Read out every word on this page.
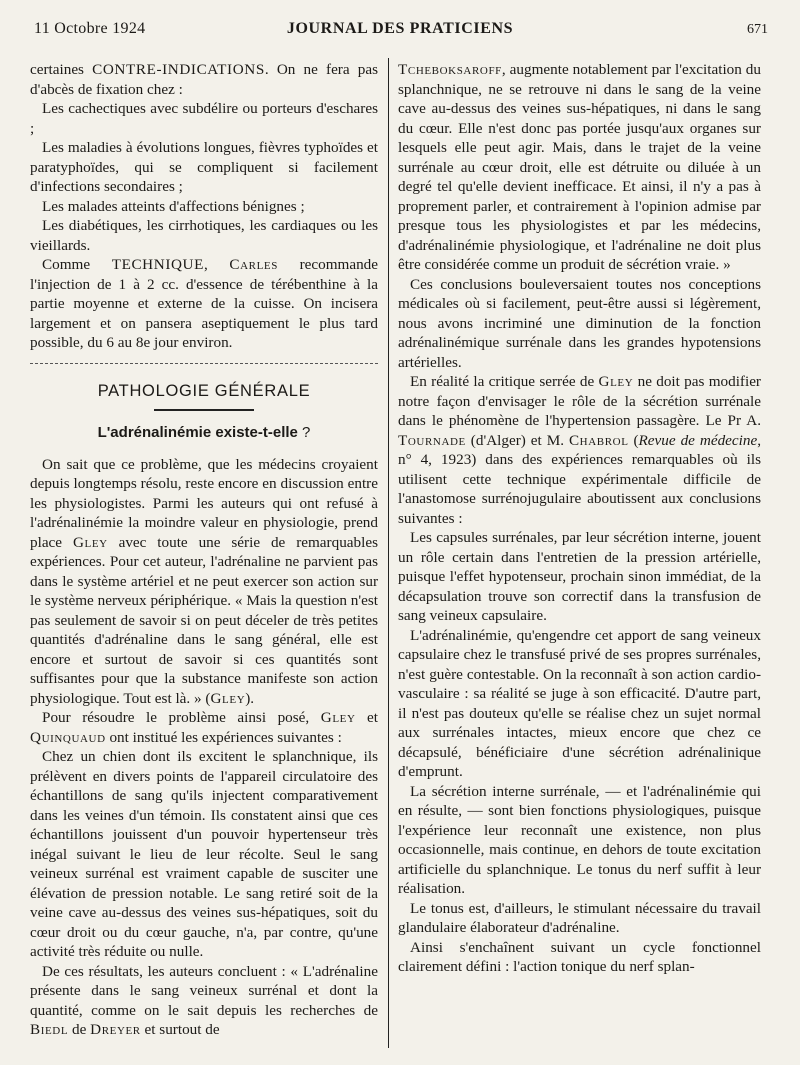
11 Octobre 1924	JOURNAL DES PRATICIENS	671

certaines CONTRE-INDICATIONS. On ne fera pas d'abcès de fixation chez :

Les cachectiques avec subdélire ou porteurs d'eschares ;

Les maladies à évolutions longues, fièvres typhoïdes et paratyphoïdes, qui se compliquent si facilement d'infections secondaires ;

Les malades atteints d'affections bénignes ;

Les diabétiques, les cirrhotiques, les cardiaques ou les vieillards.

Comme TECHNIQUE, Carles recommande l'injection de 1 à 2 cc. d'essence de térébenthine à la partie moyenne et externe de la cuisse. On incisera largement et on pansera aseptiquement le plus tard possible, du 6 au 8e jour environ.

PATHOLOGIE GÉNÉRALE
L'adrénalinémie existe-t-elle ?

On sait que ce problème, que les médecins croyaient depuis longtemps résolu, reste encore en discussion entre les physiologistes. Parmi les auteurs qui ont refusé à l'adrénalinémie la moindre valeur en physiologie, prend place Gley avec toute une série de remarquables expériences. Pour cet auteur, l'adrénaline ne parvient pas dans le système artériel et ne peut exercer son action sur le système nerveux périphérique. « Mais la question n'est pas seulement de savoir si on peut déceler de très petites quantités d'adrénaline dans le sang général, elle est encore et surtout de savoir si ces quantités sont suffisantes pour que la substance manifeste son action physiologique. Tout est là. » (Gley).

Pour résoudre le problème ainsi posé, Gley et Quinquaud ont institué les expériences suivantes :

Chez un chien dont ils excitent le splanchnique, ils prélèvent en divers points de l'appareil circulatoire des échantillons de sang qu'ils injectent comparativement dans les veines d'un témoin. Ils constatent ainsi que ces échantillons jouissent d'un pouvoir hypertenseur très inégal suivant le lieu de leur récolte. Seul le sang veineux surrénal est vraiment capable de susciter une élévation de pression notable. Le sang retiré soit de la veine cave au-dessus des veines sus-hépatiques, soit du cœur droit ou du cœur gauche, n'a, par contre, qu'une activité très réduite ou nulle.

De ces résultats, les auteurs concluent : « L'adrénaline présente dans le sang veineux surrénal et dont la quantité, comme on le sait depuis les recherches de Biedl de Dreyer et surtout de

Tcheboksaroff, augmente notablement par l'excitation du splanchnique, ne se retrouve ni dans le sang de la veine cave au-dessus des veines sus-hépatiques, ni dans le sang du cœur. Elle n'est donc pas portée jusqu'aux organes sur lesquels elle peut agir. Mais, dans le trajet de la veine surrénale au cœur droit, elle est détruite ou diluée à un degré tel qu'elle devient inefficace. Et ainsi, il n'y a pas à proprement parler, et contrairement à l'opinion admise par presque tous les physiologistes et par les médecins, d'adrénalinémie physiologique, et l'adrénaline ne doit plus être considérée comme un produit de sécrétion vraie. »

Ces conclusions bouleversaient toutes nos conceptions médicales où si facilement, peut-être aussi si légèrement, nous avons incriminé une diminution de la fonction adrénalinémique surrénale dans les grandes hypotensions artérielles.

En réalité la critique serrée de Gley ne doit pas modifier notre façon d'envisager le rôle de la sécrétion surrénale dans le phénomène de l'hypertension passagère. Le Pr A. Tournade (d'Alger) et M. Chabrol (Revue de médecine, n° 4, 1923) dans des expériences remarquables où ils utilisent cette technique expérimentale difficile de l'anastomose surrénojugulaire aboutissent aux conclusions suivantes :

Les capsules surrénales, par leur sécrétion interne, jouent un rôle certain dans l'entretien de la pression artérielle, puisque l'effet hypotenseur, prochain sinon immédiat, de la décapsulation trouve son correctif dans la transfusion de sang veineux capsulaire.

L'adrénalinémie, qu'engendre cet apport de sang veineux capsulaire chez le transfusé privé de ses propres surrénales, n'est guère contestable. On la reconnaît à son action cardio-vasculaire : sa réalité se juge à son efficacité. D'autre part, il n'est pas douteux qu'elle se réalise chez un sujet normal aux surrénales intactes, mieux encore que chez ce décapsulé, bénéficiaire d'une sécrétion adrénalinique d'emprunt.

La sécrétion interne surrénale, — et l'adrénalinémie qui en résulte, — sont bien fonctions physiologiques, puisque l'expérience leur reconnaît une existence, non plus occasionnelle, mais continue, en dehors de toute excitation artificielle du splanchnique. Le tonus du nerf suffit à leur réalisation.

Le tonus est, d'ailleurs, le stimulant nécessaire du travail glandulaire élaborateur d'adrénaline.

Ainsi s'enchaînent suivant un cycle fonctionnel clairement défini : l'action tonique du nerf splan-
